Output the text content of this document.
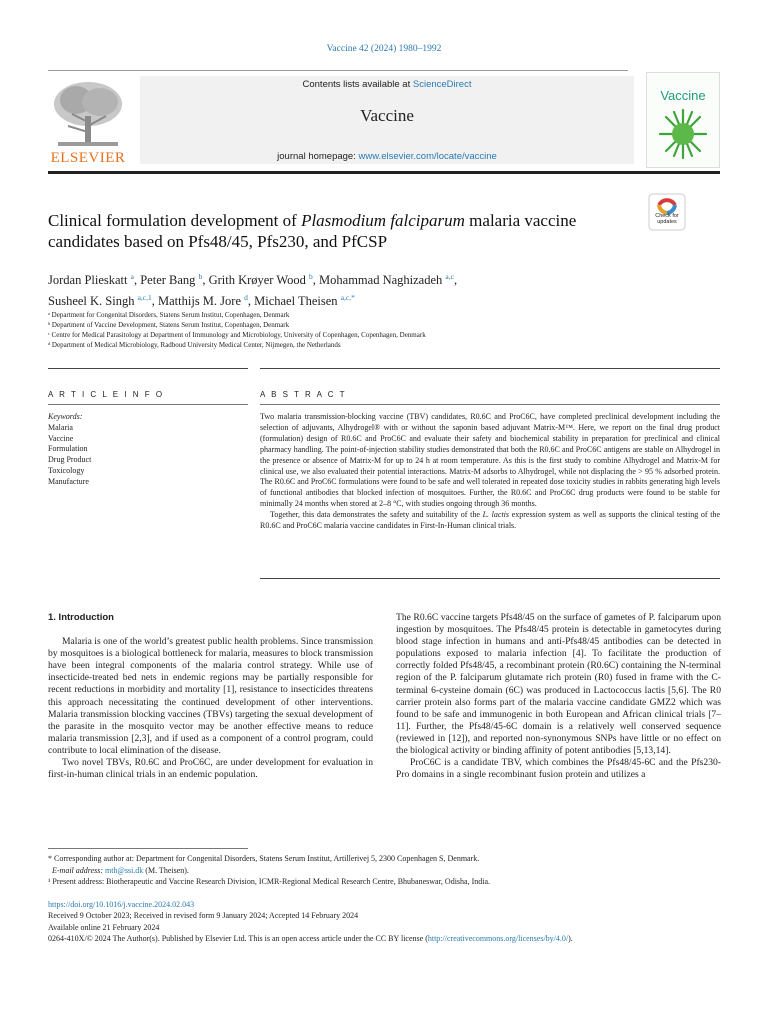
Vaccine 42 (2024) 1980–1992
ELSEVIER
Contents lists available at ScienceDirect
Vaccine
journal homepage: www.elsevier.com/locate/vaccine
Vaccine
Clinical formulation development of Plasmodium falciparum malaria vaccine candidates based on Pfs48/45, Pfs230, and PfCSP
Check for updates
Jordan Plieskatt $^a$, Peter Bang $^b$, Grith Krøyer Wood $^b$, Mohammad Naghizadeh $^{a,c}$,
Susheel K. Singh $^{a,c,1}$, Matthijs M. Jore $^d$, Michael Theisen $^{a,c,*}$
ᵃ Department for Congenital Disorders, Statens Serum Institut, Copenhagen, Denmark
ᵇ Department of Vaccine Development, Statens Serum Institut, Copenhagen, Denmark
ᶜ Centre for Medical Parasitology at Department of Immunology and Microbiology, University of Copenhagen, Copenhagen, Denmark
ᵈ Department of Medical Microbiology, Radboud University Medical Center, Nijmegen, the Netherlands
A R T I C L E I N F O	A B S T R A C T
Keywords:
Malaria
Vaccine
Formulation
Drug Product
Toxicology
Manufacture

Two malaria transmission-blocking vaccine (TBV) candidates, R0.6C and ProC6C, have completed preclinical development including the selection of adjuvants, Alhydrogel® with or without the saponin based adjuvant Matrix-M™. Here, we report on the final drug product (formulation) design of R0.6C and ProC6C and evaluate their safety and biochemical stability in preparation for preclinical and clinical pharmacy handling. The point-of-injection stability studies demonstrated that both the R0.6C and ProC6C antigens are stable on Alhydrogel in the presence or absence of Matrix-M for up to 24 h at room temperature. As this is the first study to combine Alhydrogel and Matrix-M for clinical use, we also evaluated their potential interactions. Matrix-M adsorbs to Alhydrogel, while not displacing the > 95 % adsorbed protein. The R0.6C and ProC6C formulations were found to be safe and well tolerated in repeated dose toxicity studies in rabbits generating high levels of functional antibodies that blocked infection of mosquitoes. Further, the R0.6C and ProC6C drug products were found to be stable for minimally 24 months when stored at 2–8 °C, with studies ongoing through 36 months.

Together, this data demonstrates the safety and suitability of the L. lactis expression system as well as supports the clinical testing of the R0.6C and ProC6C malaria vaccine candidates in First-In-Human clinical trials.

1. Introduction

Malaria is one of the world’s greatest public health problems. Since transmission by mosquitoes is a biological bottleneck for malaria, measures to block transmission have been integral components of the malaria control strategy. While use of insecticide-treated bed nets in endemic regions may be partially responsible for recent reductions in morbidity and mortality [1], resistance to insecticides threatens this approach necessitating the continued development of other interventions. Malaria transmission blocking vaccines (TBVs) targeting the sexual development of the parasite in the mosquito vector may be another effective means to reduce malaria transmission [2,3], and if used as a component of a control program, could contribute to local elimination of the disease.

Two novel TBVs, R0.6C and ProC6C, are under development for evaluation in first-in-human clinical trials in an endemic population.

The R0.6C vaccine targets Pfs48/45 on the surface of gametes of P. falciparum upon ingestion by mosquitoes. The Pfs48/45 protein is detectable in gametocytes during blood stage infection in humans and anti-Pfs48/45 antibodies can be detected in populations exposed to malaria infection [4]. To facilitate the production of correctly folded Pfs48/45, a recombinant protein (R0.6C) containing the N-terminal region of the P. falciparum glutamate rich protein (R0) fused in frame with the C-terminal 6-cysteine domain (6C) was produced in Lactococcus lactis [5,6]. The R0 carrier protein also forms part of the malaria vaccine candidate GMZ2 which was found to be safe and immunogenic in both European and African clinical trials [7–11]. Further, the Pfs48/45-6C domain is a relatively well conserved sequence (reviewed in [12]), and reported non-synonymous SNPs have little or no effect on the biological activity or binding affinity of potent antibodies [5,13,14].

ProC6C is a candidate TBV, which combines the Pfs48/45-6C and the Pfs230-Pro domains in a single recombinant fusion protein and utilizes a

* Corresponding author at: Department for Congenital Disorders, Statens Serum Institut, Artillerivej 5, 2300 Copenhagen S, Denmark.

E-mail address: mth@ssi.dk (M. Theisen).

¹ Present address: Biotherapeutic and Vaccine Research Division, ICMR-Regional Medical Research Centre, Bhubaneswar, Odisha, India.

https://doi.org/10.1016/j.vaccine.2024.02.043

Received 9 October 2023; Received in revised form 9 January 2024; Accepted 14 February 2024

Available online 21 February 2024

0264-410X/© 2024 The Author(s). Published by Elsevier Ltd. This is an open access article under the CC BY license (http://creativecommons.org/licenses/by/4.0/).
